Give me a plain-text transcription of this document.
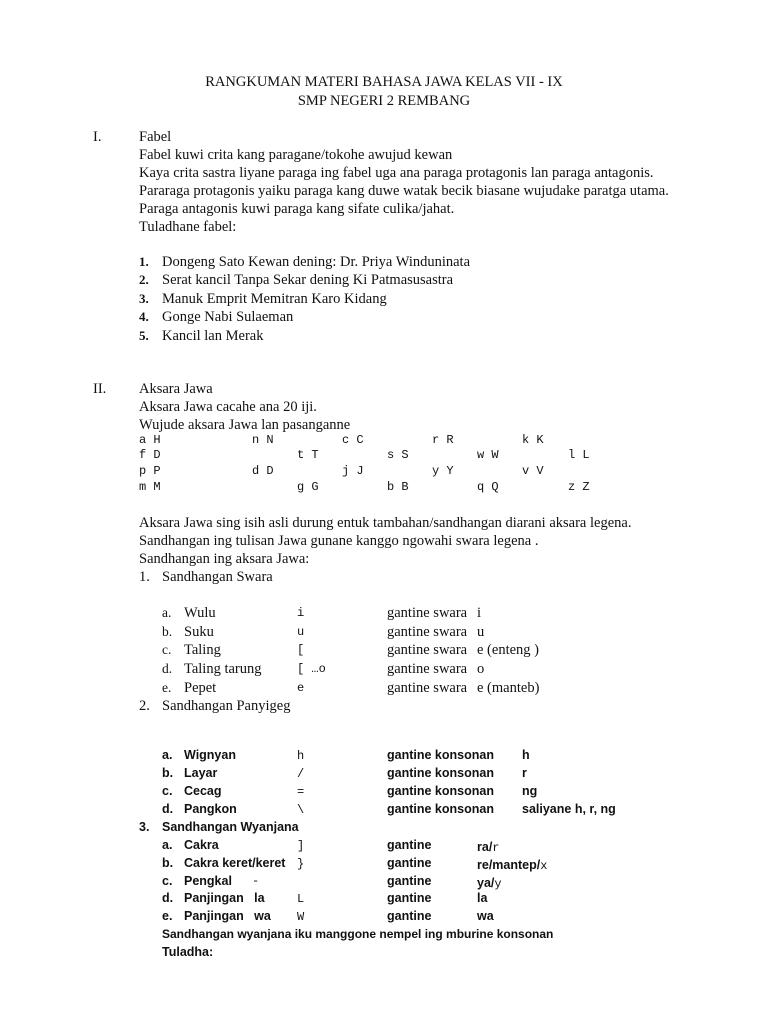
RANGKUMAN MATERI BAHASA JAWA KELAS VII - IX
SMP NEGERI 2 REMBANG
I.	Fabel
Fabel kuwi crita kang paragane/tokohe awujud kewan
Kaya crita sastra liyane paraga ing fabel uga ana paraga protagonis lan paraga antagonis.
Pararaga protagonis yaiku paraga kang duwe watak becik biasane wujudake paratga utama.
Paraga antagonis kuwi paraga kang sifate culika/jahat.
Tuladhane fabel:
1. Dongeng Sato Kewan dening: Dr. Priya Winduninata
2. Serat kancil Tanpa Sekar dening Ki Patmasusastra
3. Manuk Emprit Memitran Karo Kidang
4. Gonge Nabi Sulaeman
5. Kancil lan Merak
II. Aksara Jawa
Aksara Jawa cacahe ana 20 iji.
Wujude aksara Jawa lan pasanganne
a H	n N	c C	r R	k K
f D	t T	s S	w W	l L
p P	d D	j J	y Y	v V
m M	g G	b B	q Q	z Z
Aksara Jawa sing isih asli durung entuk tambahan/sandhangan diarani aksara legena.
Sandhangan ing tulisan Jawa gunane kanggo ngowahi swara legena .
Sandhangan ing aksara Jawa:
1. Sandhangan Swara
a. Wulu	i	gantine swara i
b. Suku	u	gantine swara u
c. Taling	[	gantine swara e (enteng )
d. Taling tarung	[ …o	gantine swara o
e. Pepet	e	gantine swara e (manteb)
2. Sandhangan Panyigeg
a. Wignyan	h	gantine konsonan h
b. Layar	/	gantine konsonan r
c. Cecag	=	gantine konsonan ng
d. Pangkon	\	gantine konsonan saliyane h, r, ng
3. Sandhangan Wyanjana
a. Cakra	]	gantine	ra/r
b. Cakra keret/keret }	gantine	re/mantep/x
c. Pengkal -	gantine	ya/y
d. Panjingan   la	L	gantine	la
e. Panjingan   wa W	gantine	wa
Sandhangan wyanjana iku manggone nempel ing mburine konsonan
Tuladha:
